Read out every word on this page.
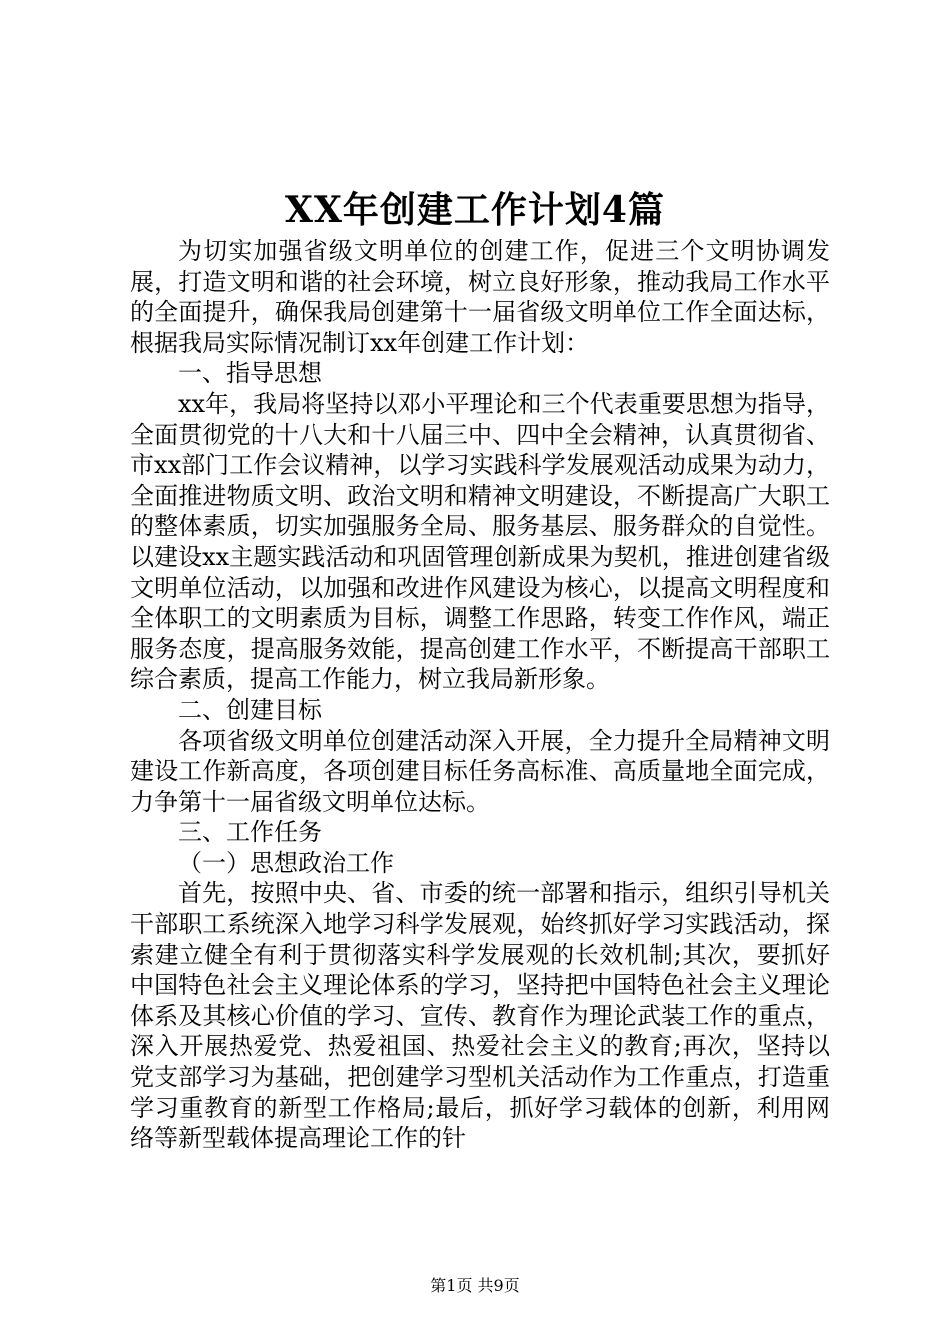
XX年创建工作计划4篇

为切实加强省级文明单位的创建工作，促进三个文明协调发展，打造文明和谐的社会环境，树立良好形象，推动我局工作水平的全面提升，确保我局创建第十一届省级文明单位工作全面达标，根据我局实际情况制订xx年创建工作计划：

一、指导思想

xx年，我局将坚持以邓小平理论和三个代表重要思想为指导，全面贯彻党的十八大和十八届三中、四中全会精神，认真贯彻省、市xx部门工作会议精神，以学习实践科学发展观活动成果为动力，全面推进物质文明、政治文明和精神文明建设，不断提高广大职工的整体素质，切实加强服务全局、服务基层、服务群众的自觉性。以建设xx主题实践活动和巩固管理创新成果为契机，推进创建省级文明单位活动，以加强和改进作风建设为核心，以提高文明程度和全体职工的文明素质为目标，调整工作思路，转变工作作风，端正服务态度，提高服务效能，提高创建工作水平，不断提高干部职工综合素质，提高工作能力，树立我局新形象。

二、创建目标

各项省级文明单位创建活动深入开展，全力提升全局精神文明建设工作新高度，各项创建目标任务高标准、高质量地全面完成，力争第十一届省级文明单位达标。

三、工作任务

（一）思想政治工作

首先，按照中央、省、市委的统一部署和指示，组织引导机关干部职工系统深入地学习科学发展观，始终抓好学习实践活动，探索建立健全有利于贯彻落实科学发展观的长效机制;其次，要抓好中国特色社会主义理论体系的学习，坚持把中国特色社会主义理论体系及其核心价值的学习、宣传、教育作为理论武装工作的重点，深入开展热爱党、热爱祖国、热爱社会主义的教育;再次，坚持以党支部学习为基础，把创建学习型机关活动作为工作重点，打造重学习重教育的新型工作格局;最后，抓好学习载体的创新，利用网络等新型载体提高理论工作的针

第1页 共9页
